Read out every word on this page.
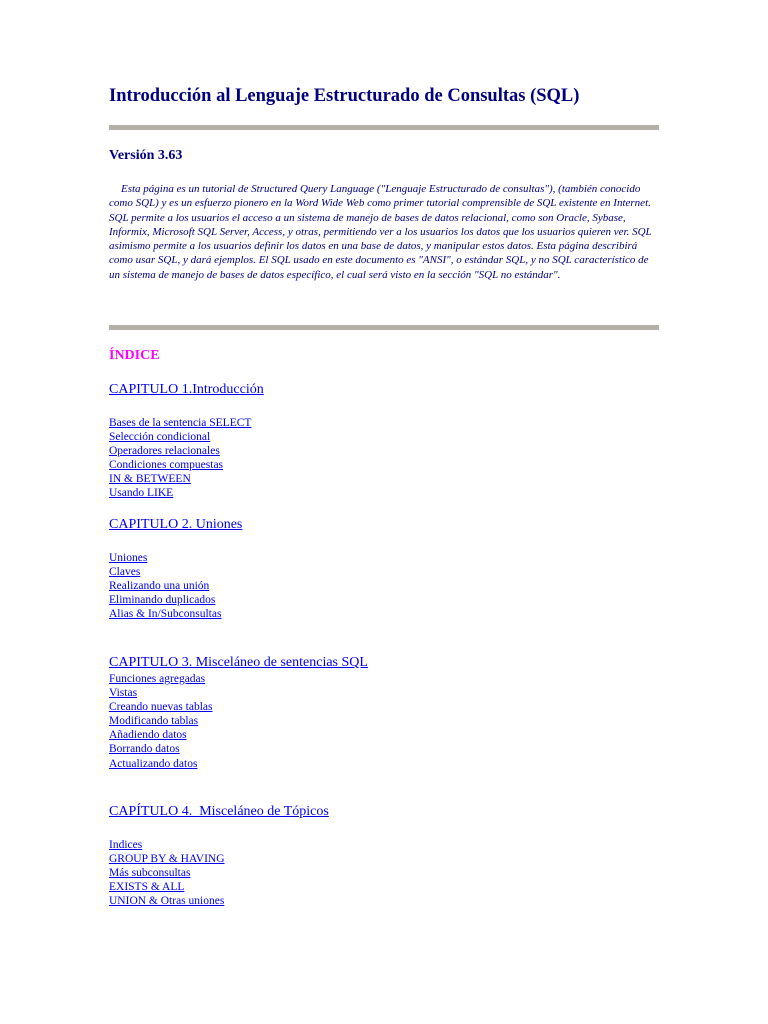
Introducción al Lenguaje Estructurado de Consultas (SQL)
Versión 3.63

Esta página es un tutorial de Structured Query Language ("Lenguaje Estructurado de consultas"), (también conocido como SQL) y es un esfuerzo pionero en la Word Wide Web como primer tutorial comprensible de SQL existente en Internet. SQL permite a los usuarios el acceso a un sistema de manejo de bases de datos relacional, como son Oracle, Sybase, Informix, Microsoft SQL Server, Access, y otras, permitiendo ver a los usuarios los datos que los usuarios quieren ver. SQL asimismo permite a los usuarios definir los datos en una base de datos, y manipular estos datos. Esta página describirá como usar SQL, y dará ejemplos. El SQL usado en este documento es "ANSI", o estándar SQL, y no SQL característico de un sistema de manejo de bases de datos específico, el cual será visto en la sección "SQL no estándar".

ÍNDICE
CAPITULO 1.Introducción
Bases de la sentencia SELECT
Selección condicional
Operadores relacionales
Condiciones compuestas
IN & BETWEEN
Usando LIKE
CAPITULO 2. Uniones
Uniones
Claves
Realizando una unión
Eliminando duplicados
Alias & In/Subconsultas
CAPITULO 3. Misceláneo de sentencias SQL
Funciones agregadas
Vistas
Creando nuevas tablas
Modificando tablas
Añadiendo datos
Borrando datos
Actualizando datos
CAPÍTULO 4.  Misceláneo de Tópicos
Indices
GROUP BY & HAVING
Más subconsultas
EXISTS & ALL
UNION & Otras uniones
